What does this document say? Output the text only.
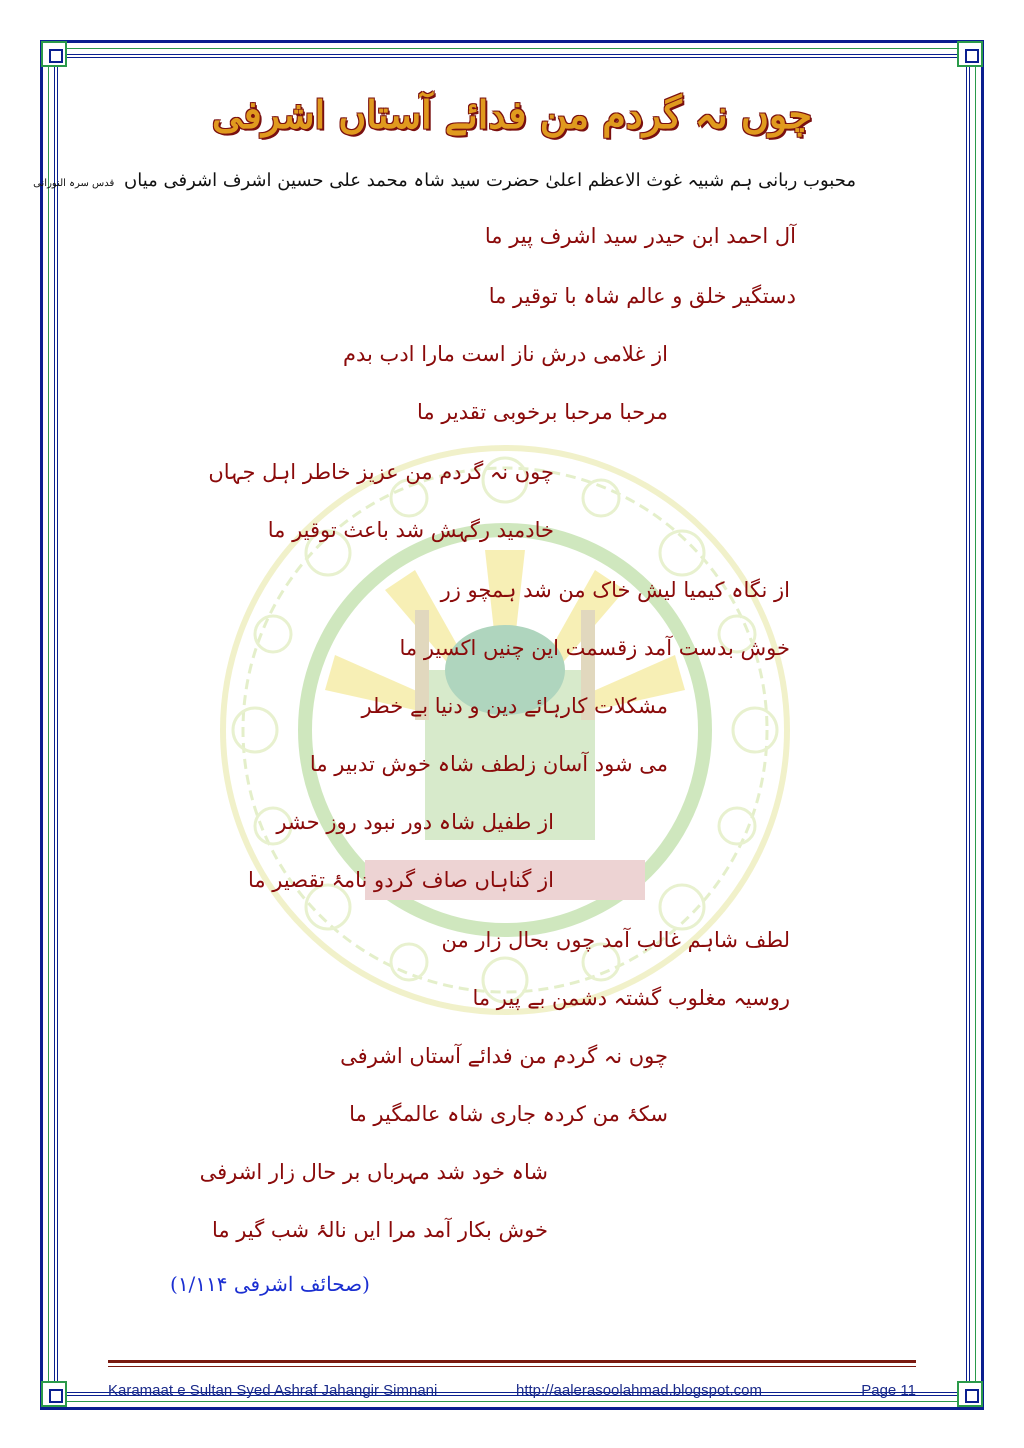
چوں نہ گردم من فدائے آستاں اشرفی
محبوب ربانی ہم شبیہ غوث الاعظم اعلیٰ حضرت سید شاہ محمد علی حسین اشرف اشرفی میاں قدس سرہ النورانی
آل احمد ابن حیدر سید اشرف پیر ما
دستگیر خلق و عالم شاہ با توقیر ما
از غلامی درش ناز است مارا ادب بدم
مرحبا مرحبا برخوبی تقدیر ما
چوں نہ گردم من عزیز خاطر اہل جہاں
خادمید رگہش شد باعث توقیر ما
از نگاہ کیمیا لیش خاک من شد ہمچو زر
خوش بدست آمد زقسمت این چنیں اکسیر ما
مشکلات کارہائے دین و دنیا بے خطر
می شود آسان زلطف شاہ خوش تدبیر ما
از طفیل شاہ دور نبود روز حشر
از گناہاں صاف گردو نامۂ تقصیر ما
لطف شاہم غالب آمد چوں بحال زار من
روسیہ مغلوب گشتہ دشمن بے پیر ما
چوں نہ گردم من فدائے آستاں اشرفی
سکۂ من کردہ جاری شاہ عالمگیر ما
شاہ خود شد مہرباں بر حال زار اشرفی
خوش بکار آمد مرا ایں نالۂ شب گیر ما
(صحائف اشرفی ۱/۱۱۴)
Karamaat e Sultan Syed Ashraf Jahangir Simnani	http://aalerasoolahmad.blogspot.com	Page 11
